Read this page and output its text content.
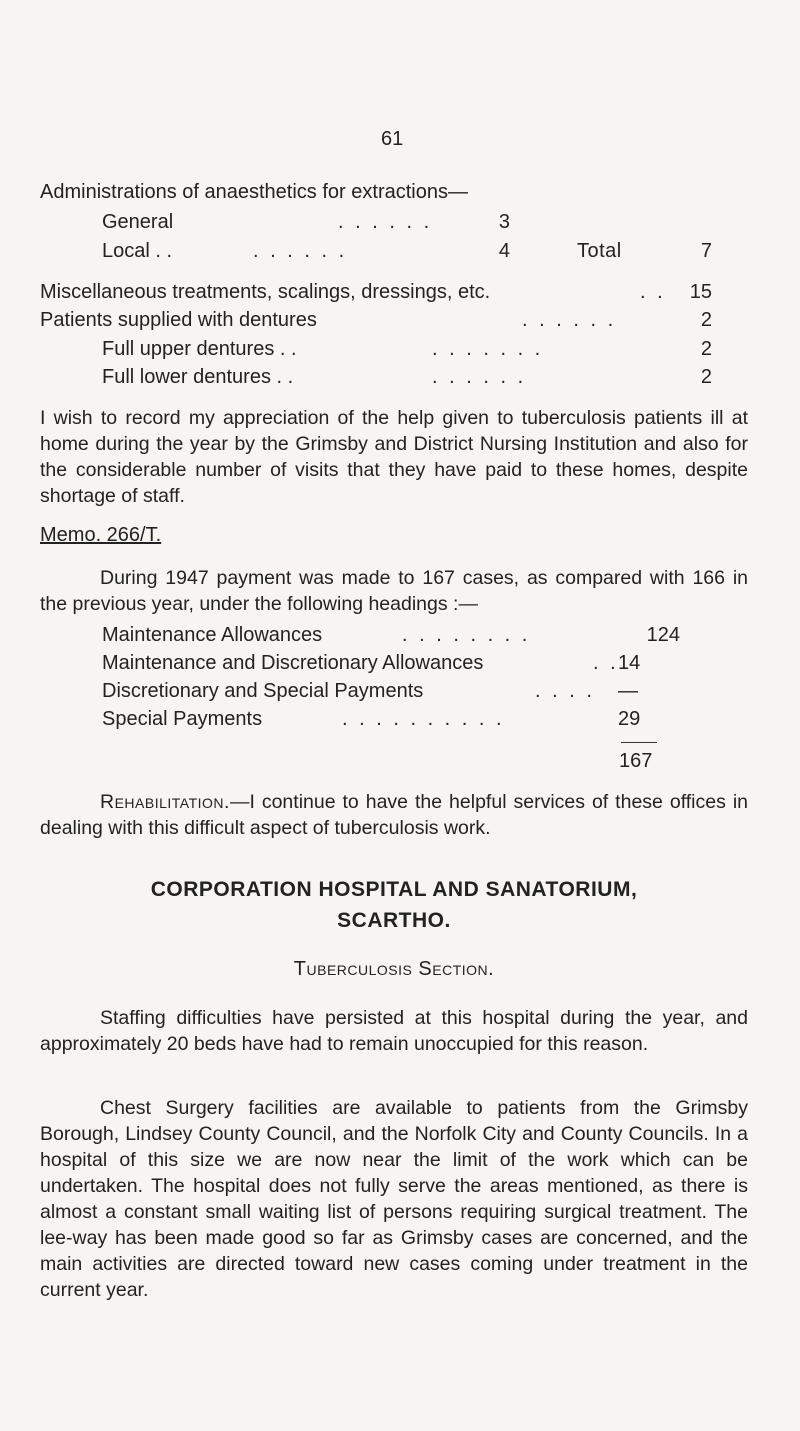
61
Administrations of anaesthetics for extractions—
General	. . . . . .	3
Local . .	. . . . . .	4	Total	7
Miscellaneous treatments, scalings, dressings, etc.	. .	15
Patients supplied with dentures	. . . . . .	2
Full upper dentures . .	. . . . . . .	2
Full lower dentures . .	. . . . . .	2
I wish to record my appreciation of the help given to tuberculosis patients ill at home during the year by the Grimsby and District Nursing Institution and also for the considerable number of visits that they have paid to these homes, despite shortage of staff.
Memo. 266/T.
During 1947 payment was made to 167 cases, as compared with 166 in the previous year, under the following headings :—
Maintenance Allowances	. . . . . . . .	124
Maintenance and Discretionary Allowances	. . 14
Discretionary and Special Payments	. . . . —
Special Payments	. . . . . . . . . .	29
167
Rehabilitation.—I continue to have the helpful services of these offices in dealing with this difficult aspect of tuberculosis work.
CORPORATION HOSPITAL AND SANATORIUM,
SCARTHO.
Tuberculosis Section.
Staffing difficulties have persisted at this hospital during the year, and approximately 20 beds have had to remain unoccupied for this reason.
Chest Surgery facilities are available to patients from the Grimsby Borough, Lindsey County Council, and the Norfolk City and County Councils. In a hospital of this size we are now near the limit of the work which can be undertaken. The hospital does not fully serve the areas mentioned, as there is almost a constant small waiting list of persons requiring surgical treatment. The lee-way has been made good so far as Grimsby cases are concerned, and the main activities are directed toward new cases coming under treatment in the current year.
